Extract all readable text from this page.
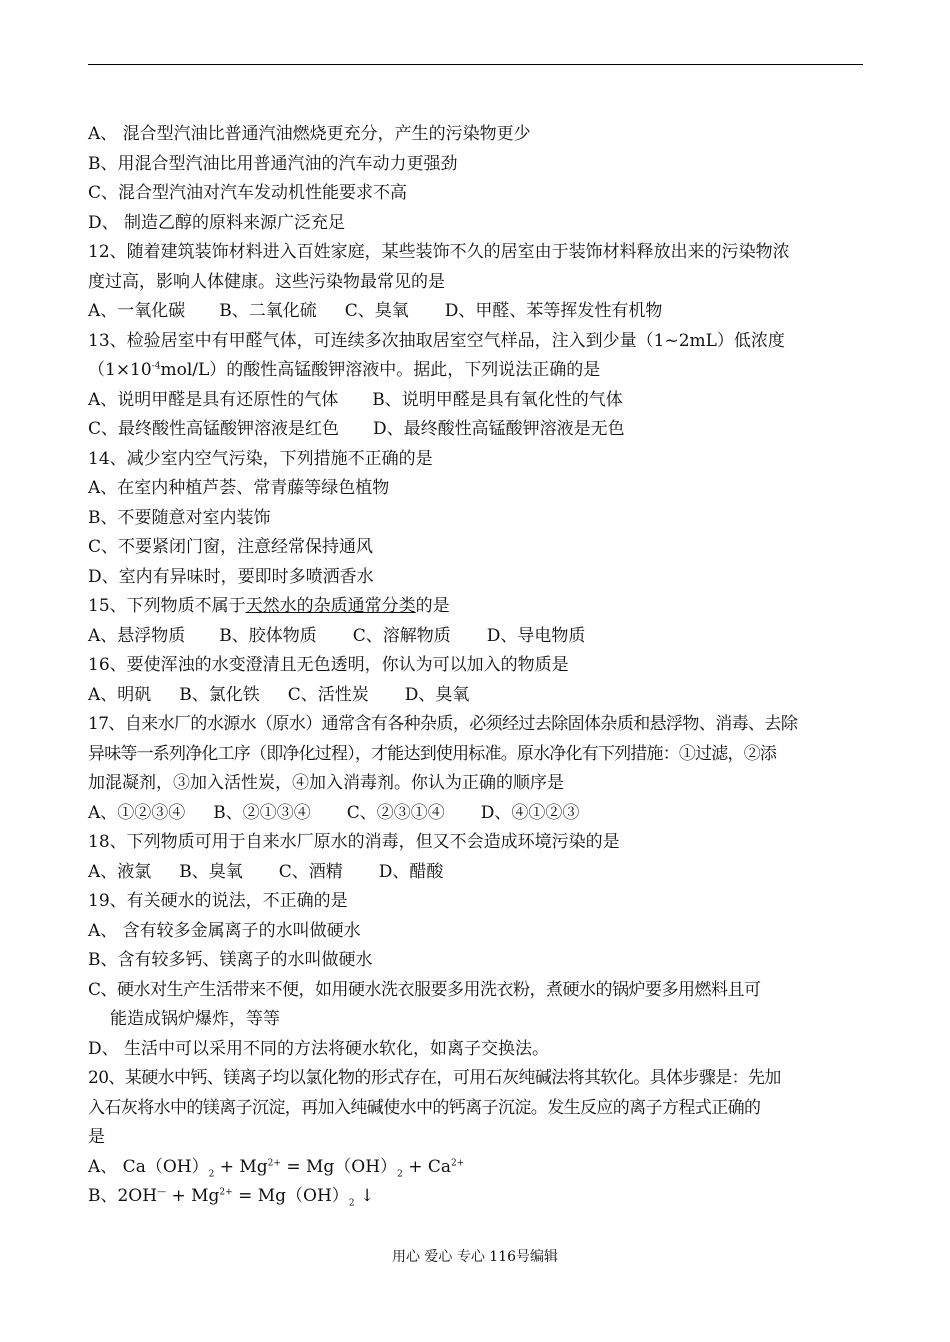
A、 混合型汽油比普通汽油燃烧更充分，产生的污染物更少

B、用混合型汽油比用普通汽油的汽车动力更强劲

C、混合型汽油对汽车发动机性能要求不高

D、 制造乙醇的原料来源广泛充足

12、随着建筑装饰材料进入百姓家庭，某些装饰不久的居室由于装饰材料释放出来的污染物浓

度过高，影响人体健康。这些污染物最常见的是

A、一氧化碳 B、二氧化硫 C、臭氧 D、甲醛、苯等挥发性有机物

13、检验居室中有甲醛气体，可连续多次抽取居室空气样品，注入到少量（1~2mL）低浓度

$(1\times 10^{-4}mol/L)$的酸性高锰酸钾溶液中。据此，下列说法正确的是

A、说明甲醛是具有还原性的气体 B、说明甲醛是具有氧化性的气体

C、最终酸性高锰酸钾溶液是红色 D、最终酸性高锰酸钾溶液是无色

14、减少室内空气污染，下列措施不正确的是

A、在室内种植芦荟、常青藤等绿色植物

B、不要随意对室内装饰

C、不要紧闭门窗，注意经常保持通风

D、室内有异味时，要即时多喷洒香水

15、下列物质不属于天然水的杂质通常分类的是

A、悬浮物质 B、胶体物质 C、溶解物质 D、导电物质

16、要使浑浊的水变澄清且无色透明，你认为可以加入的物质是

A、明矾 B、氯化铁 C、活性炭 D、臭氧

17、自来水厂的水源水（原水）通常含有各种杂质，必须经过去除固体杂质和悬浮物、消毒、去除

异味等一系列净化工序（即净化过程），才能达到使用标准。原水净化有下列措施：①过滤，②添

加混凝剂，③加入活性炭，④加入消毒剂。你认为正确的顺序是

A、①②③④ B、②①③④ C、②③①④ D、④①②③

18、下列物质可用于自来水厂原水的消毒，但又不会造成环境污染的是

A、液氯 B、臭氧 C、酒精 D、醋酸

19、有关硬水的说法，不正确的是

A、 含有较多金属离子的水叫做硬水

B、含有较多钙、镁离子的水叫做硬水

C、硬水对生产生活带来不便，如用硬水洗衣服要多用洗衣粉，煮硬水的锅炉要多用燃料且可

能造成锅炉爆炸，等等

D、 生活中可以采用不同的方法将硬水软化，如离子交换法。

20、某硬水中钙、镁离子均以氯化物的形式存在，可用石灰纯碱法将其软化。具体步骤是：先加

入石灰将水中的镁离子沉淀，再加入纯碱使水中的钙离子沉淀。发生反应的离子方程式正确的

是

A、 $Ca(OH)_2 + Mg^{2+} = Mg(OH)_2 + Ca^{2+}$

B、$2OH^— + Mg^{2+} = Mg(OH)_2$ ↓

用心 爱心 专心 116号编辑
